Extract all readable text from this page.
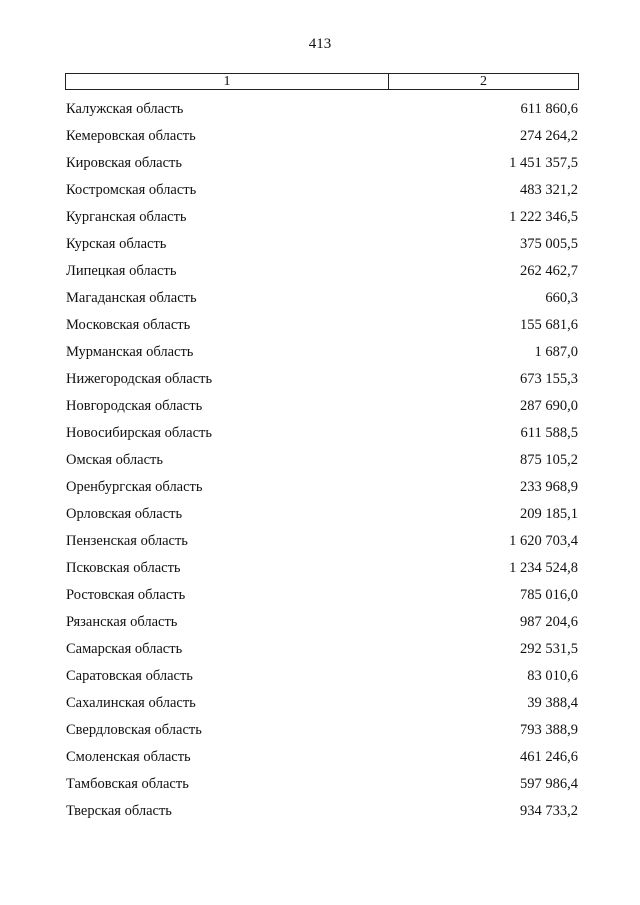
413
1	2
Калужская область	611 860,6
Кемеровская область	274 264,2
Кировская область	1 451 357,5
Костромская область	483 321,2
Курганская область	1 222 346,5
Курская область	375 005,5
Липецкая область	262 462,7
Магаданская область	660,3
Московская область	155 681,6
Мурманская область	1 687,0
Нижегородская область	673 155,3
Новгородская область	287 690,0
Новосибирская область	611 588,5
Омская область	875 105,2
Оренбургская область	233 968,9
Орловская область	209 185,1
Пензенская область	1 620 703,4
Псковская область	1 234 524,8
Ростовская область	785 016,0
Рязанская область	987 204,6
Самарская область	292 531,5
Саратовская область	83 010,6
Сахалинская область	39 388,4
Свердловская область	793 388,9
Смоленская область	461 246,6
Тамбовская область	597 986,4
Тверская область	934 733,2
